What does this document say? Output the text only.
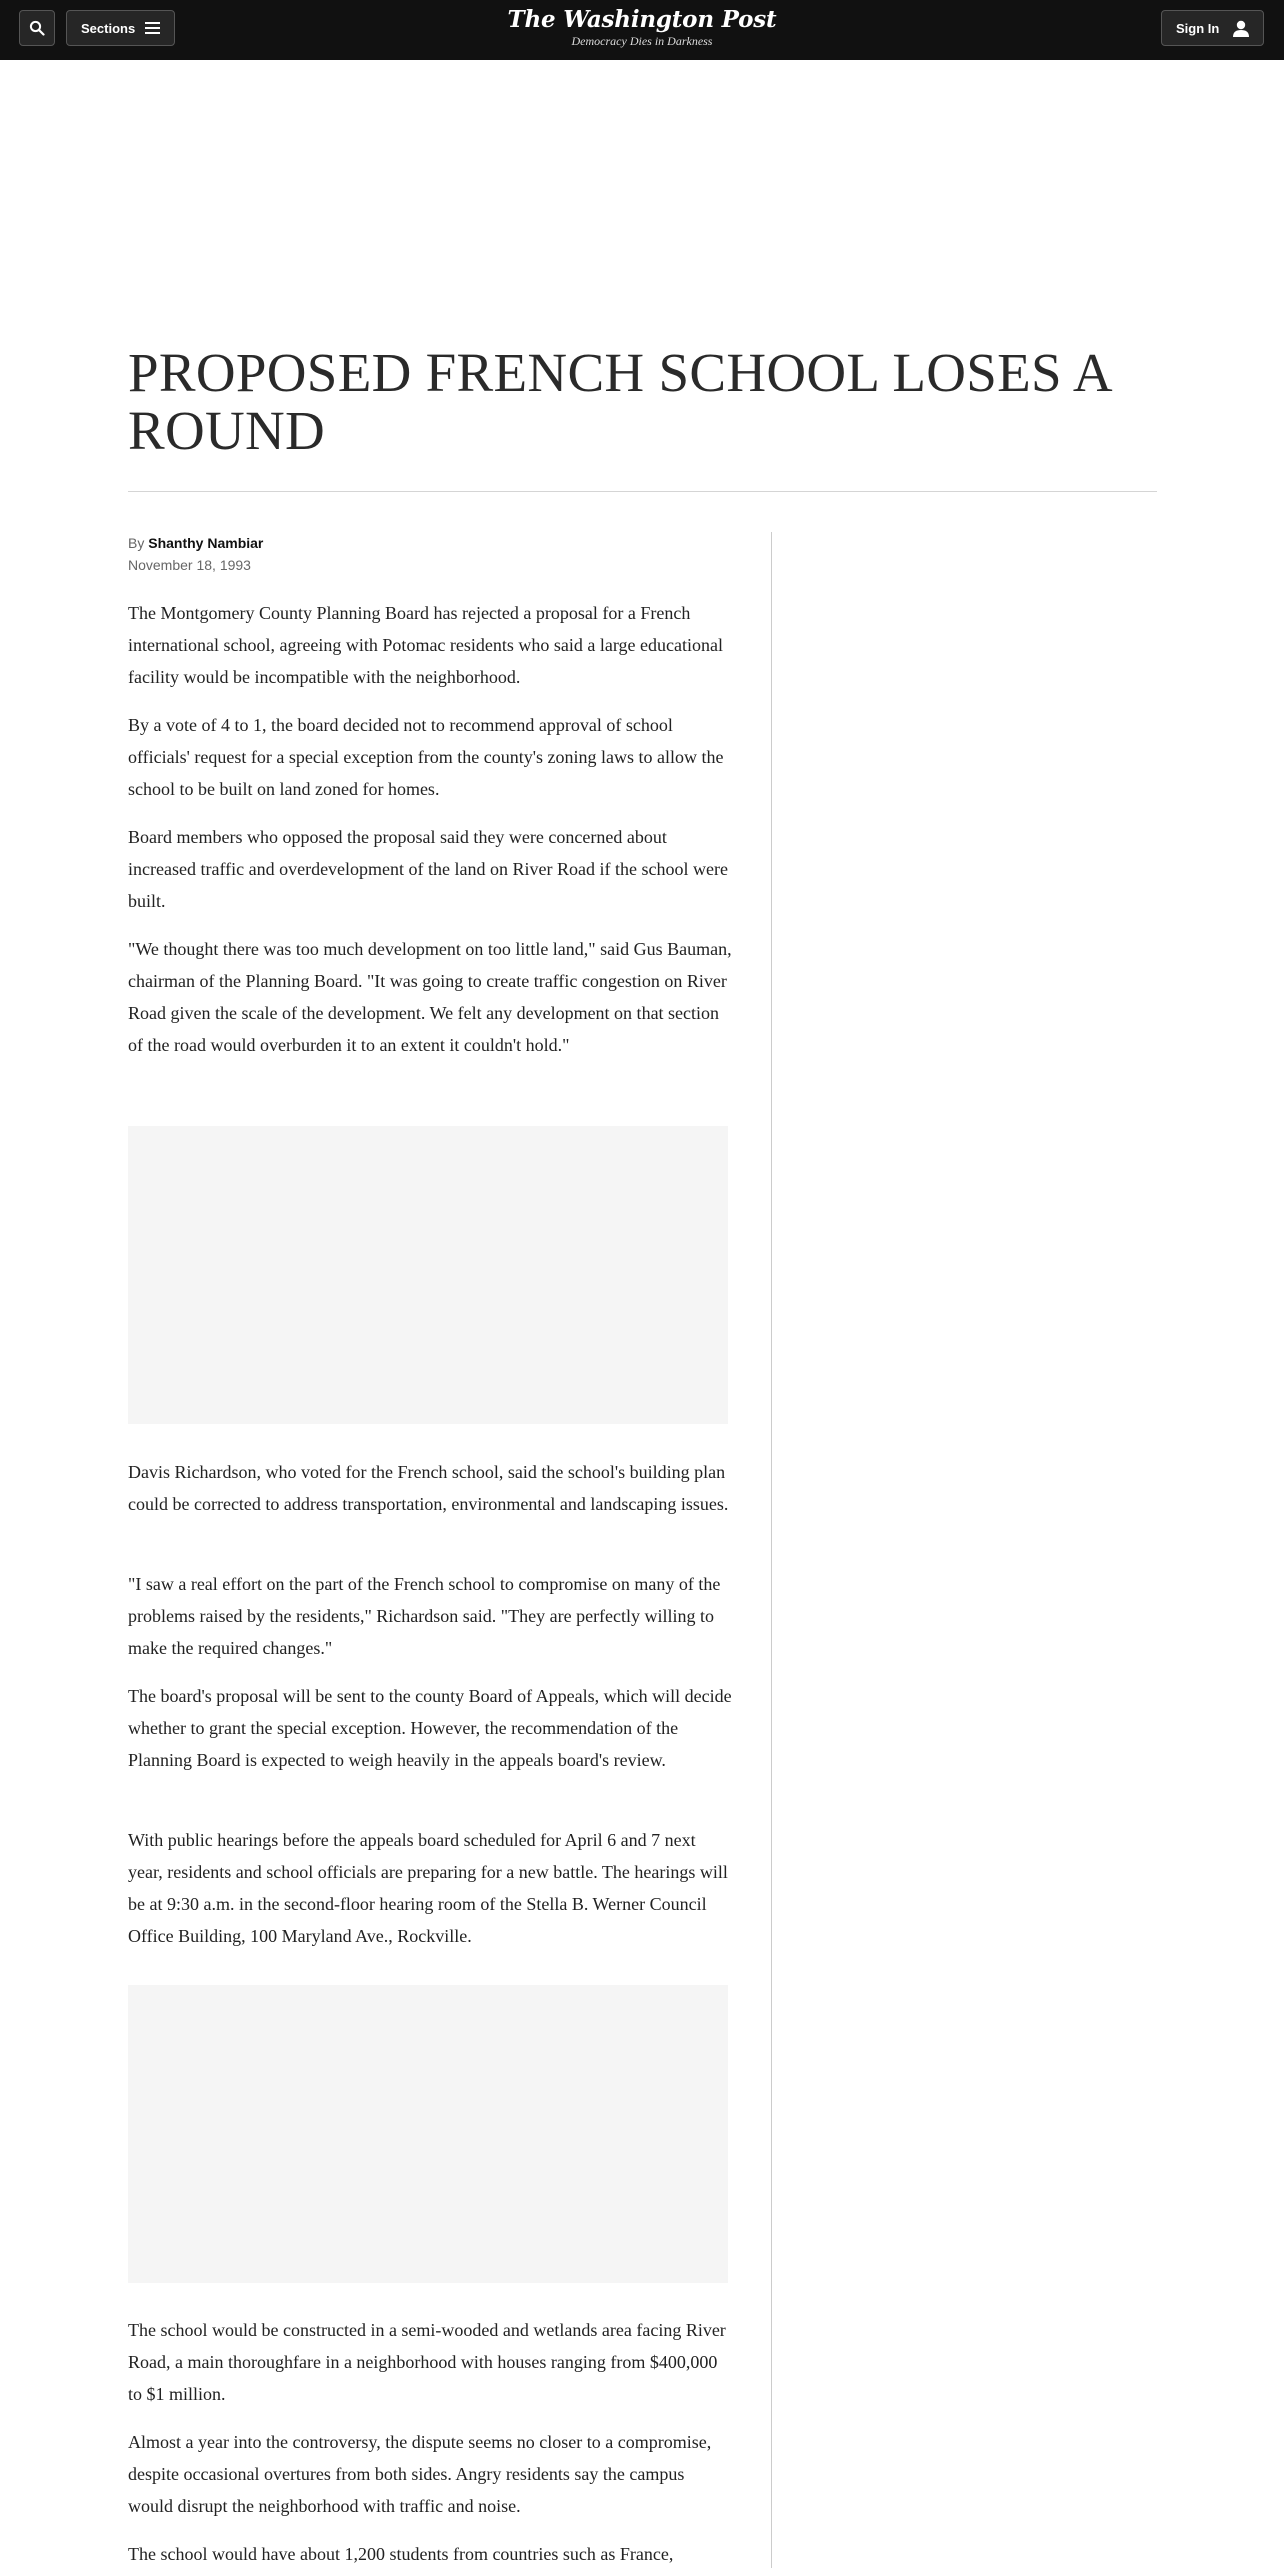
Sections	The Washington Post
Democracy Dies in Darkness
Sign In
PROPOSED FRENCH SCHOOL LOSES A ROUND
By Shanthy Nambiar
November 18, 1993

The Montgomery County Planning Board has rejected a proposal for a French international school, agreeing with Potomac residents who said a large educational facility would be incompatible with the neighborhood.

By a vote of 4 to 1, the board decided not to recommend approval of school officials' request for a special exception from the county's zoning laws to allow the school to be built on land zoned for homes.

Board members who opposed the proposal said they were concerned about increased traffic and overdevelopment of the land on River Road if the school were built.

"We thought there was too much development on too little land," said Gus Bauman, chairman of the Planning Board. "It was going to create traffic congestion on River Road given the scale of the development. We felt any development on that section of the road would overburden it to an extent it couldn't hold."

Davis Richardson, who voted for the French school, said the school's building plan could be corrected to address transportation, environmental and landscaping issues.

"I saw a real effort on the part of the French school to compromise on many of the problems raised by the residents," Richardson said. "They are perfectly willing to make the required changes."

The board's proposal will be sent to the county Board of Appeals, which will decide whether to grant the special exception. However, the recommendation of the Planning Board is expected to weigh heavily in the appeals board's review.

With public hearings before the appeals board scheduled for April 6 and 7 next year, residents and school officials are preparing for a new battle. The hearings will be at 9:30 a.m. in the second-floor hearing room of the Stella B. Werner Council Office Building, 100 Maryland Ave., Rockville.

The school would be constructed in a semi-wooded and wetlands area facing River Road, a main thoroughfare in a neighborhood with houses ranging from $400,000 to $1 million.

Almost a year into the controversy, the dispute seems no closer to a compromise, despite occasional overtures from both sides. Angry residents say the campus would disrupt the neighborhood with traffic and noise.

The school would have about 1,200 students from countries such as France,
